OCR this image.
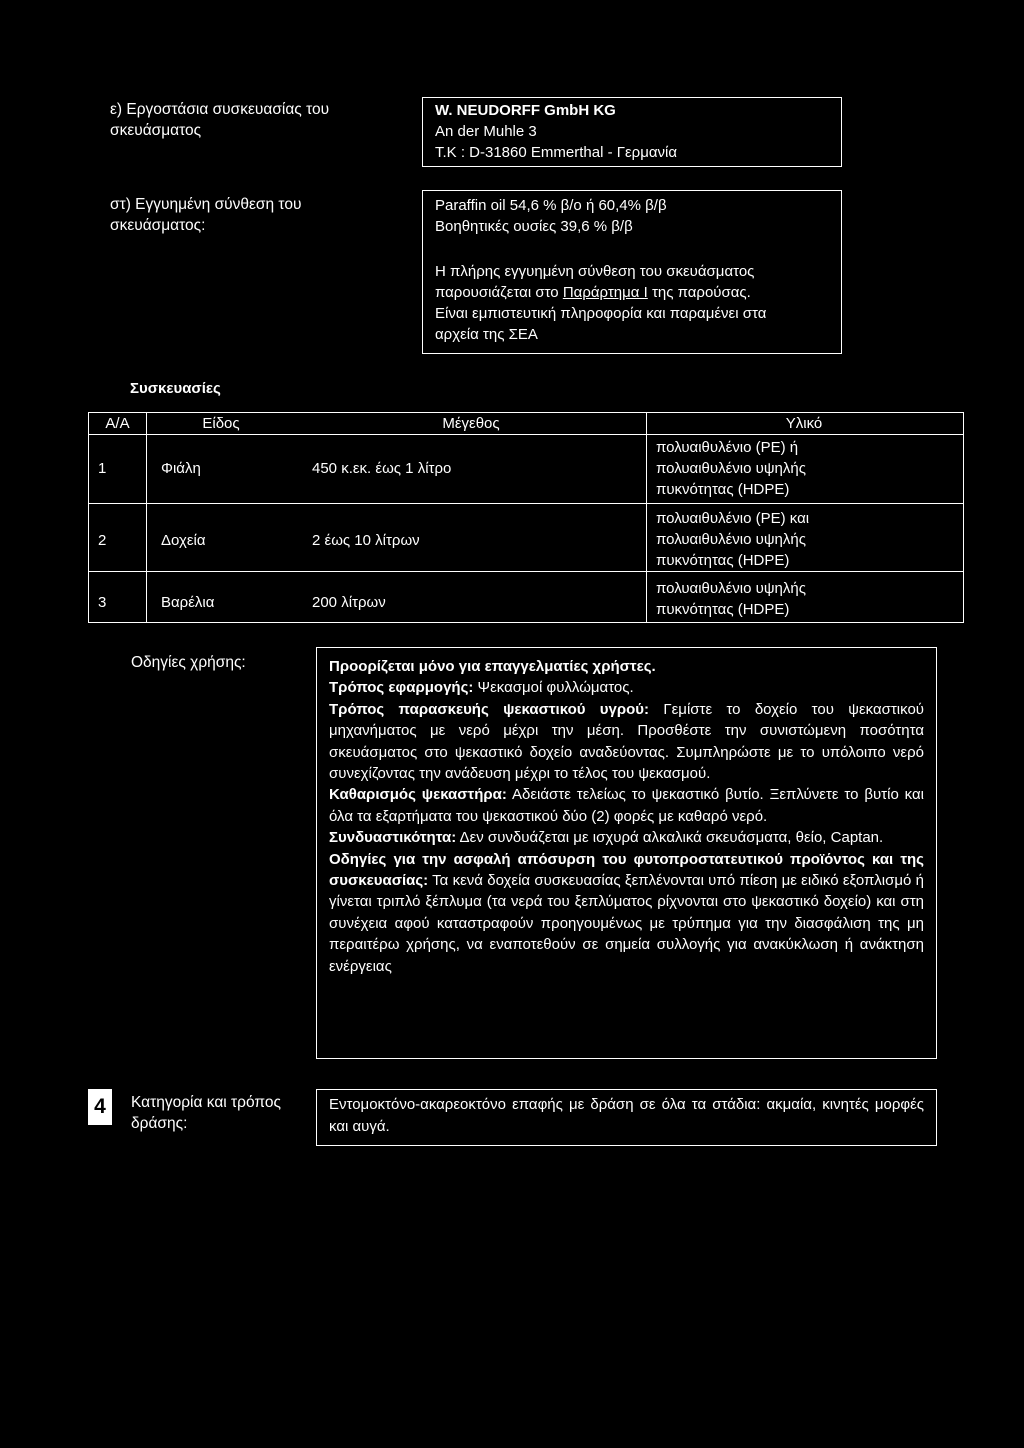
ε) Εργοστάσια συσκευασίας του
σκευάσματος
W. NEUDORFF GmbH KG
An der Muhle 3
T.K : D-31860 Emmerthal - Γερμανία
στ) Εγγυημένη σύνθεση του
σκευάσματος:
Paraffin oil 54,6 % β/ο ή 60,4% β/β
Βοηθητικές ουσίες 39,6 % β/β
Η πλήρης εγγυημένη σύνθεση του σκευάσματος
παρουσιάζεται στο Παράρτημα I της παρούσας.
Είναι εμπιστευτική πληροφορία και παραμένει στα
αρχεία της ΣΕΑ
Συσκευασίες
Α/Α	Είδος	Μέγεθος	Υλικό
1	Φιάλη	450 κ.εκ. έως 1 λίτρο
πολυαιθυλένιο (PE) ή
πολυαιθυλένιο υψηλής
πυκνότητας (HDPE)
2	Δοχεία	2 έως 10 λίτρων
πολυαιθυλένιο (PE) και
πολυαιθυλένιο υψηλής
πυκνότητας (HDPE)
3	Βαρέλια	200 λίτρων
πολυαιθυλένιο υψηλής
πυκνότητας (HDPE)
Οδηγίες χρήσης:	Προορίζεται μόνο για επαγγελματίες χρήστες.

Τρόπος εφαρμογής: Ψεκασμοί φυλλώματος.

Τρόπος παρασκευής ψεκαστικού υγρού: Γεμίστε το δοχείο του ψεκαστικού μηχανήματος με νερό μέχρι την μέση. Προσθέστε την συνιστώμενη ποσότητα σκευάσματος στο ψεκαστικό δοχείο αναδεύοντας. Συμπληρώστε με το υπόλοιπο νερό συνεχίζοντας την ανάδευση μέχρι το τέλος του ψεκασμού.

Καθαρισμός ψεκαστήρα: Αδειάστε τελείως το ψεκαστικό βυτίο. Ξεπλύνετε το βυτίο και όλα τα εξαρτήματα του ψεκαστικού δύο (2) φορές με καθαρό νερό.

Συνδυαστικότητα: Δεν συνδυάζεται με ισχυρά αλκαλικά σκευάσματα, θείο, Captan.

Οδηγίες για την ασφαλή απόσυρση του φυτοπροστατευτικού προϊόντος και της συσκευασίας: Τα κενά δοχεία συσκευασίας ξεπλένονται υπό πίεση με ειδικό εξοπλισμό ή γίνεται τριπλό ξέπλυμα (τα νερά του ξεπλύματος ρίχνονται στο ψεκαστικό δοχείο) και στη συνέχεια αφού καταστραφούν προηγουμένως με τρύπημα για την διασφάλιση της μη περαιτέρω χρήσης, να εναποτεθούν σε σημεία συλλογής για ανακύκλωση ή ανάκτηση ενέργειας

4	Κατηγορία και τρόπος
δράσης:
Εντομοκτόνο-ακαρεοκτόνο επαφής με δράση σε όλα τα στάδια: ακμαία, κινητές μορφές και αυγά.
